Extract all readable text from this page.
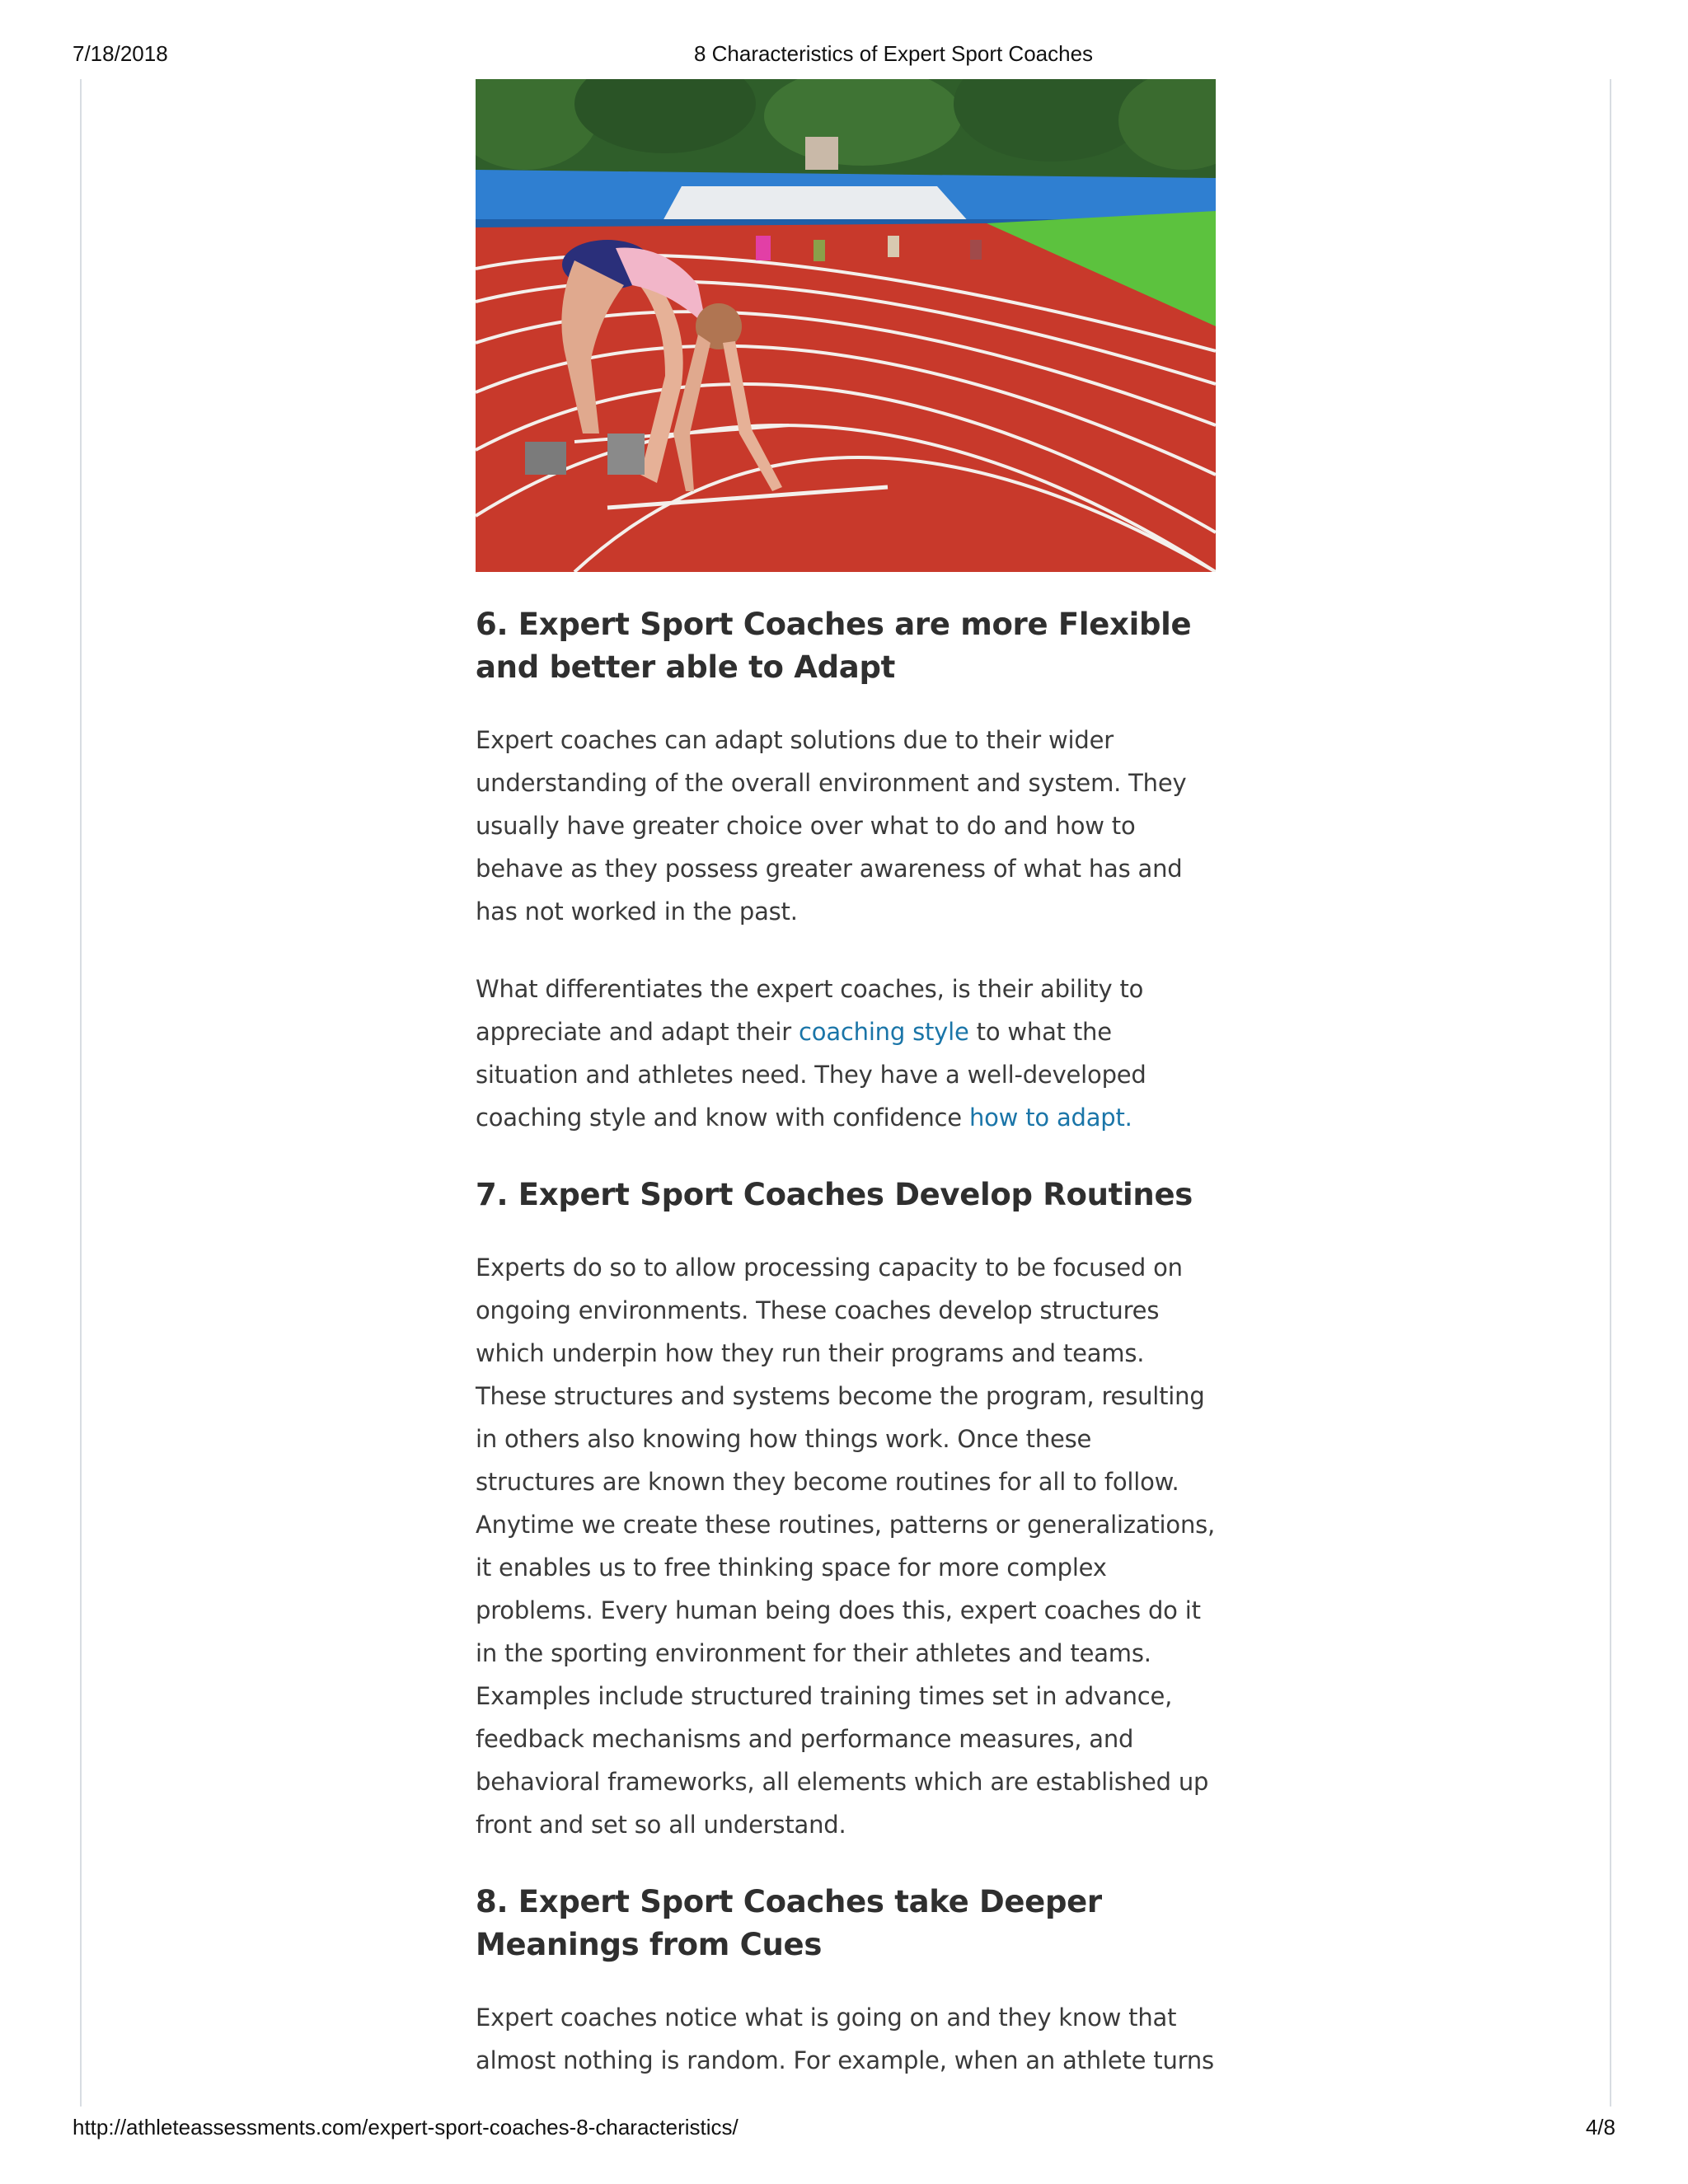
7/18/2018	8 Characteristics of Expert Sport Coaches
6. Expert Sport Coaches are more Flexible and better able to Adapt

Expert coaches can adapt solutions due to their wider understanding of the overall environment and system. They usually have greater choice over what to do and how to behave as they possess greater awareness of what has and has not worked in the past.

What differentiates the expert coaches, is their ability to appreciate and adapt their coaching style to what the situation and athletes need. They have a well-developed coaching style and know with confidence how to adapt.

7. Expert Sport Coaches Develop Routines

Experts do so to allow processing capacity to be focused on ongoing environments. These coaches develop structures which underpin how they run their programs and teams. These structures and systems become the program, resulting in others also knowing how things work. Once these structures are known they become routines for all to follow. Anytime we create these routines, patterns or generalizations, it enables us to free thinking space for more complex problems. Every human being does this, expert coaches do it in the sporting environment for their athletes and teams. Examples include structured training times set in advance, feedback mechanisms and performance measures, and behavioral frameworks, all elements which are established up front and set so all understand.

8. Expert Sport Coaches take Deeper Meanings from Cues

Expert coaches notice what is going on and they know that almost nothing is random. For example, when an athlete turns

http://athleteassessments.com/expert-sport-coaches-8-characteristics/	4/8
